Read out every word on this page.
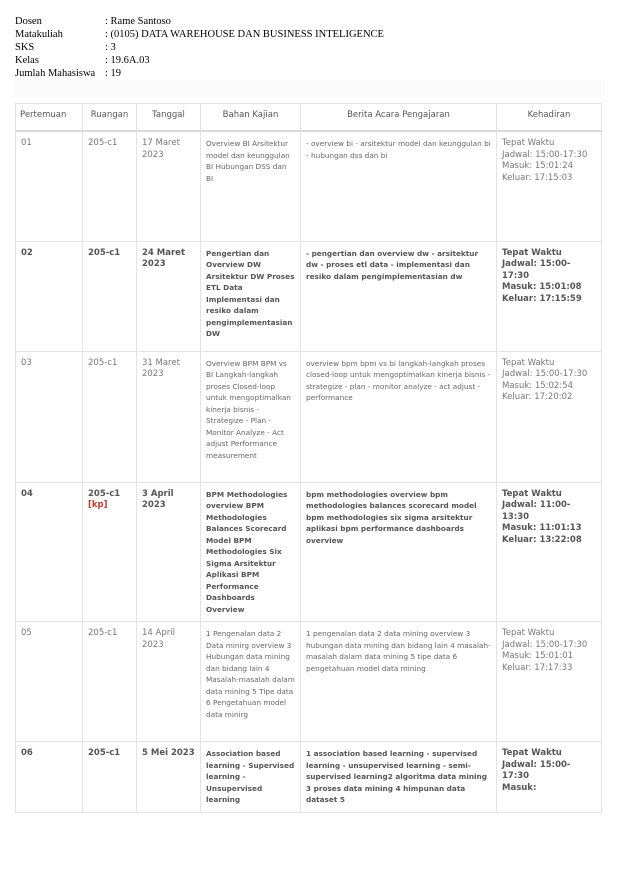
Dosen	: Rame Santoso
Matakuliah	: (0105) DATA WAREHOUSE DAN BUSINESS INTELIGENCE
SKS	: 3
Kelas	: 19.6A.03
Jumlah Mahasiswa : 19
Pertemuan	Ruangan	Tanggal	Bahan Kajian	Berita Acara Pengajaran	Kehadiran
01	205-c1	17 Maret 2023	Overview BI Arsitektur model dan keunggulan BI Hubungan DSS dan BI	- overview bi - arsitektur model dan keunggulan bi - hubungan dss dan bi	Tepat Waktu
Jadwal: 15:00-17:30
Masuk: 15:01:24
Keluar: 17:15:03

02	205-c1	24 Maret 2023	Pengertian dan Overview DW Arsitektur DW Proses ETL Data Implementasi dan resiko dalam pengimplementasian DW	- pengertian dan overview dw - arsitektur dw - proses etl data - implementasi dan resiko dalam pengimplementasian dw	Tepat Waktu
Jadwal: 15:00-17:30
Masuk: 15:01:08
Keluar: 17:15:59

03	205-c1	31 Maret 2023	Overview BPM BPM vs BI Langkah-langkah proses Closed-loop untuk mengoptimalkan kinerja bisnis - Strategize - Plan - Monitor Analyze - Act adjust Performance measurement	overview bpm bpm vs bi langkah-langkah proses closed-loop untuk mengoptimalkan kinerja bisnis - strategize - plan - monitor analyze - act adjust - performance	Tepat Waktu
Jadwal: 15:00-17:30
Masuk: 15:02:54
Keluar: 17:20:02

04	205-c1 [kp]	3 April 2023	BPM Methodologies overview BPM Methodologies Balances Scorecard Model BPM Methodologies Six Sigma Arsitektur Aplikasi BPM Performance Dashboards Overview	bpm methodologies overview bpm methodologies balances scorecard model bpm methodologies six sigma arsitektur aplikasi bpm performance dashboards overview	Tepat Waktu
Jadwal: 11:00-13:30
Masuk: 11:01:13
Keluar: 13:22:08

05	205-c1	14 April 2023	1 Pengenalan data 2 Data minirg overview 3 Hubungan data mining dan bidang lain 4 Masalah-masalah dalam data mining 5 Tipe data 6 Pengetahuan model data minirg	1 pengenalan data 2 data mining overview 3 hubungan data mining dan bidang lain 4 masalah-masalah dalam data mining 5 tipe data 6 pengetahuan model data mining	Tepat Waktu
Jadwal: 15:00-17:30
Masuk: 15:01:01
Keluar: 17:17:33

06	205-c1	5 Mei 2023	Association based learning - Supervised learning - Unsupervised learning	1 association based learning - supervised learning - unsupervised learning - semi-supervised learning2 algoritma data mining 3 proses data mining 4 himpunan data dataset 5	Tepat Waktu
Jadwal: 15:00-17:30
Masuk:
